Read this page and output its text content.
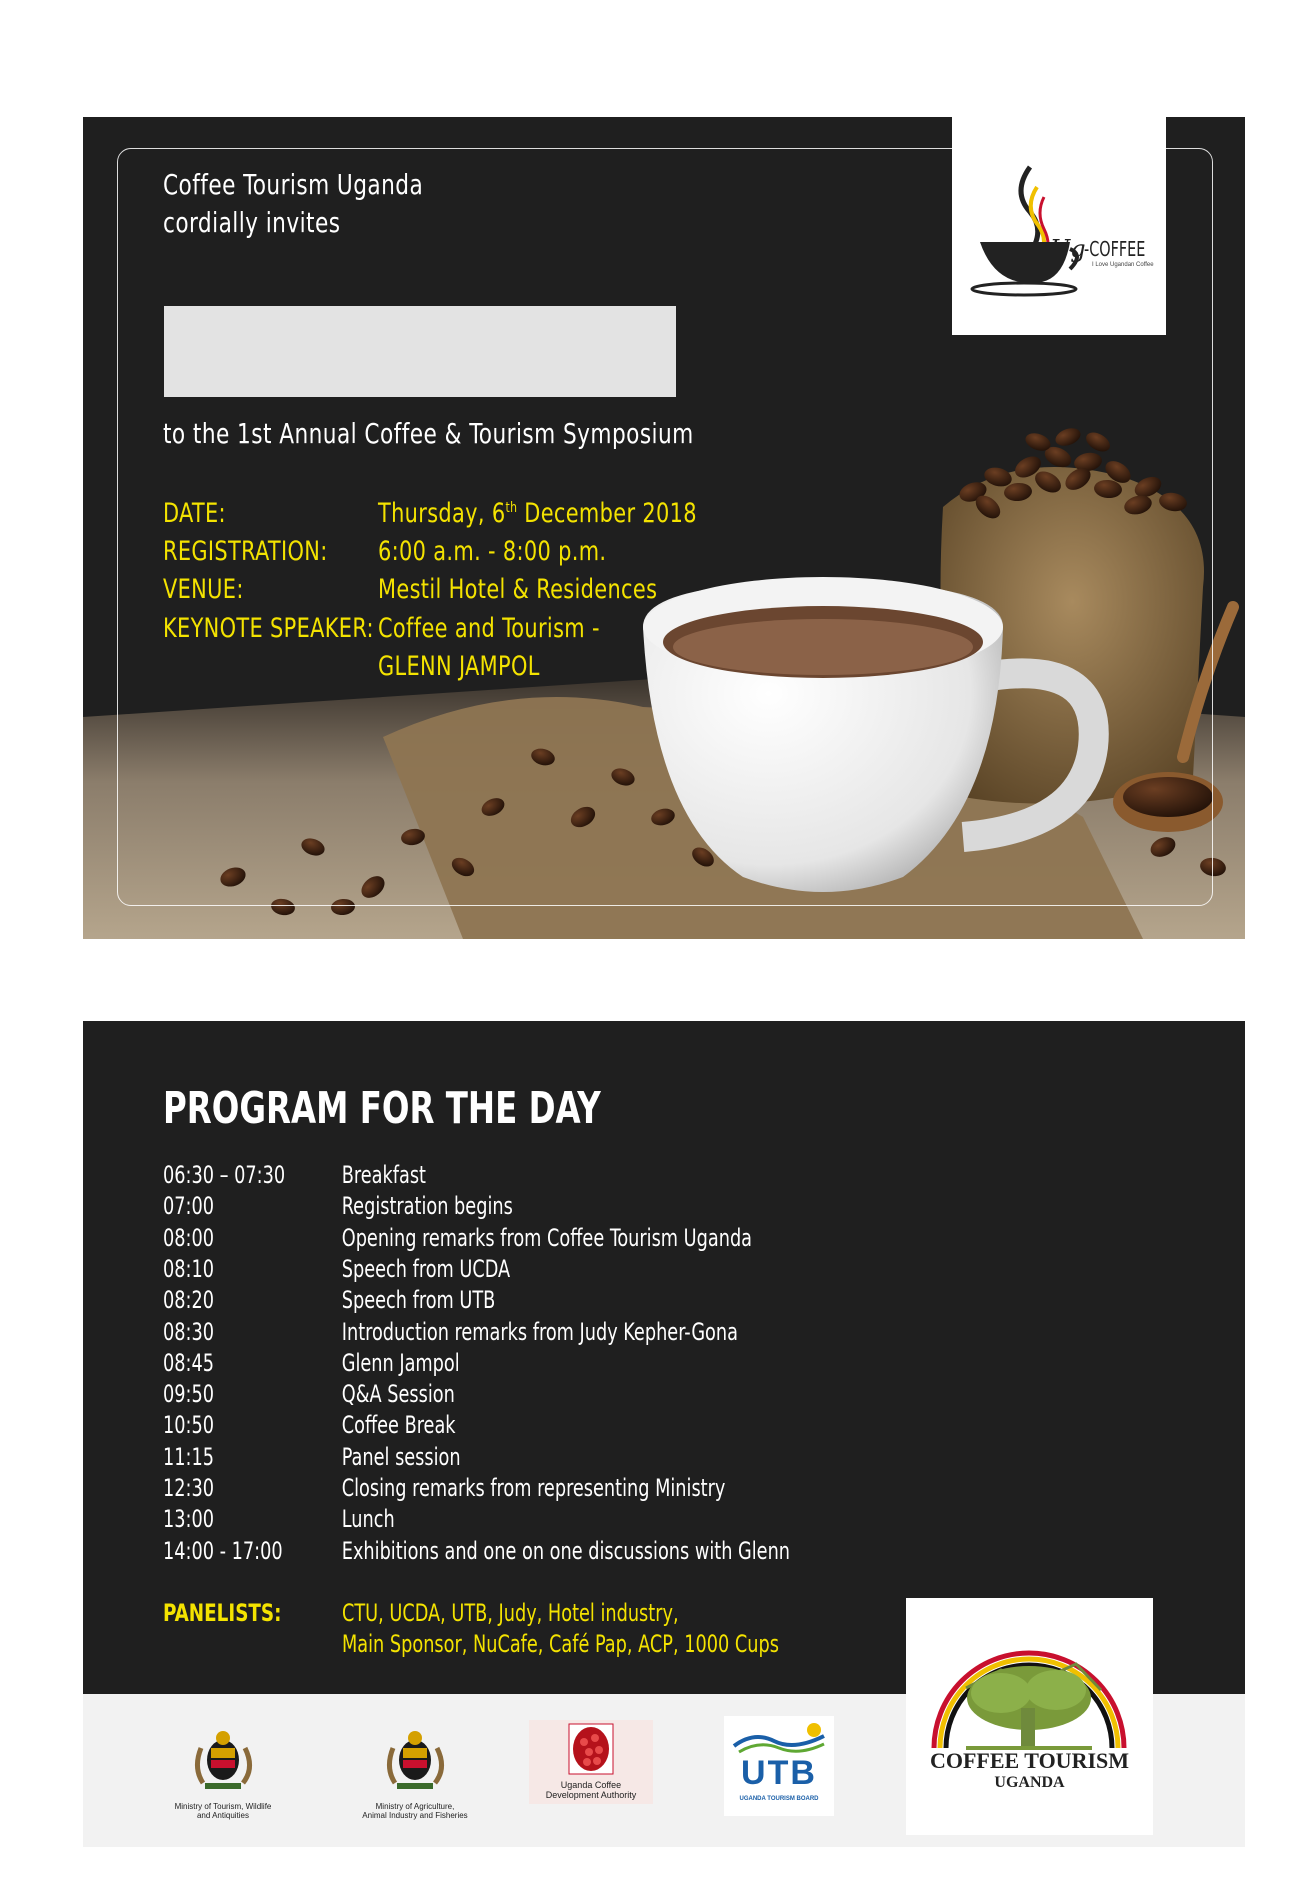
Ug
-COFFEE
I Love Ugandan Coffee
Coffee Tourism Uganda
cordially invites
to the 1st Annual Coffee & Tourism Symposium
DATE:	Thursday, 6th December 2018
REGISTRATION: 6:00 a.m. - 8:00 p.m.
VENUE:	Mestil Hotel & Residences
KEYNOTE SPEAKER: Coffee and Tourism -
GLENN JAMPOL
PROGRAM FOR THE DAY
06:30 – 07:30 Breakfast
07:00	Registration begins
08:00	Opening remarks from Coffee Tourism Uganda
08:10	Speech from UCDA
08:20	Speech from UTB
08:30	Introduction remarks from Judy Kepher-Gona
08:45	Glenn Jampol
09:50	Q&A Session
10:50	Coffee Break
11:15	Panel session
12:30	Closing remarks from representing Ministry
13:00	Lunch
14:00 - 17:00 Exhibitions and one on one discussions with Glenn
PANELISTS:	CTU, UCDA, UTB, Judy, Hotel industry,
Main Sponsor, NuCafe, Café Pap, ACP, 1000 Cups
Ministry of Tourism, Wildlife
and Antiquities
Ministry of Agriculture,
Animal Industry and Fisheries
Uganda Coffee
Development Authority
UTB
UGANDA TOURISM BOARD
COFFEE TOURISM
UGANDA
